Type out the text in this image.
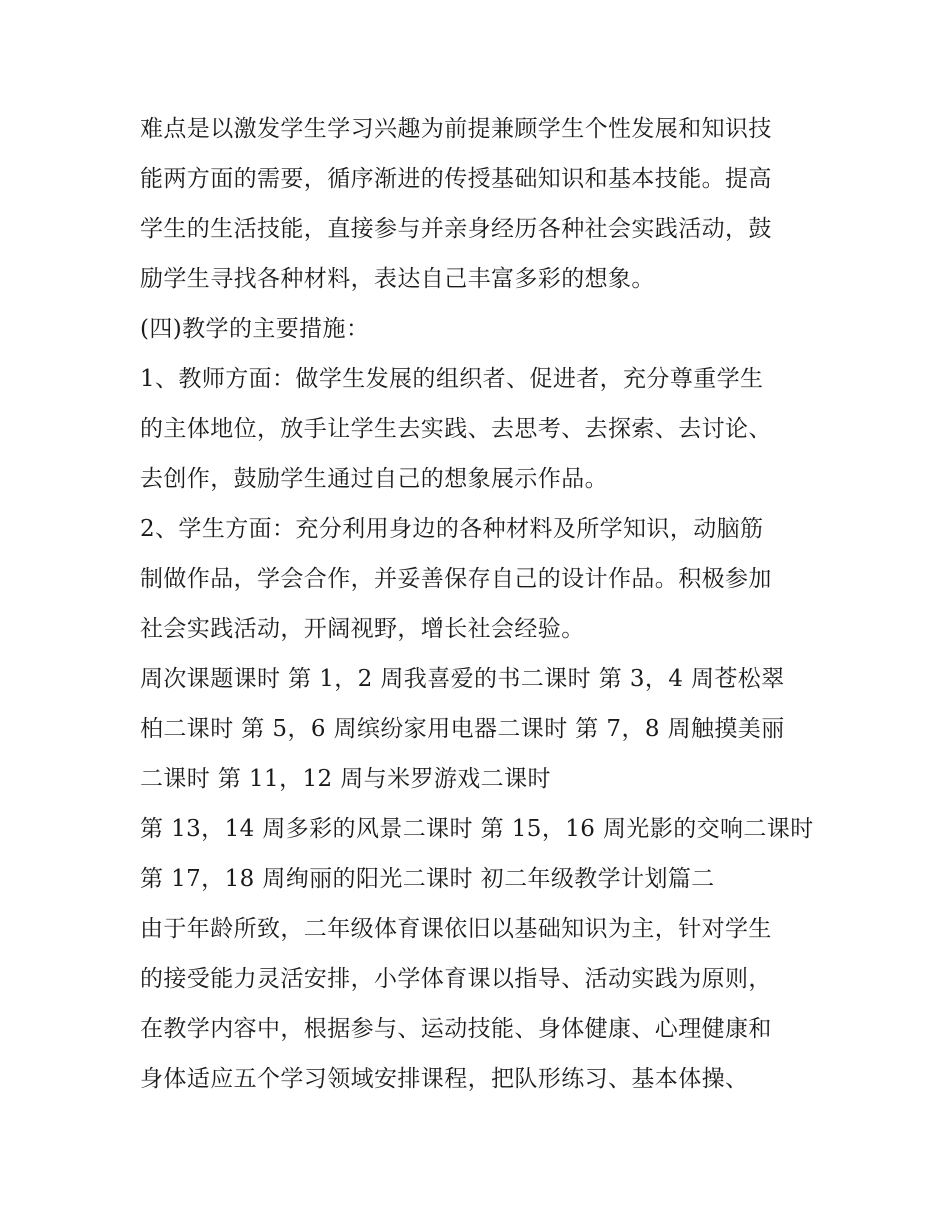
难点是以激发学生学习兴趣为前提兼顾学生个性发展和知识技
能两方面的需要，循序渐进的传授基础知识和基本技能。提高
学生的生活技能，直接参与并亲身经历各种社会实践活动，鼓
励学生寻找各种材料，表达自己丰富多彩的想象。
(四)教学的主要措施：
1、教师方面：做学生发展的组织者、促进者，充分尊重学生
的主体地位，放手让学生去实践、去思考、去探索、去讨论、
去创作，鼓励学生通过自己的想象展示作品。
2、学生方面：充分利用身边的各种材料及所学知识，动脑筋
制做作品，学会合作，并妥善保存自己的设计作品。积极参加
社会实践活动，开阔视野，增长社会经验。
周次课题课时 第 1，2 周我喜爱的书二课时 第 3，4 周苍松翠
柏二课时 第 5，6 周缤纷家用电器二课时 第 7，8 周触摸美丽
二课时 第 11，12 周与米罗游戏二课时
第 13，14 周多彩的风景二课时 第 15，16 周光影的交响二课时
第 17，18 周绚丽的阳光二课时 初二年级教学计划篇二
由于年龄所致，二年级体育课依旧以基础知识为主，针对学生
的接受能力灵活安排，小学体育课以指导、活动实践为原则，
在教学内容中，根据参与、运动技能、身体健康、心理健康和
身体适应五个学习领域安排课程，把队形练习、基本体操、
